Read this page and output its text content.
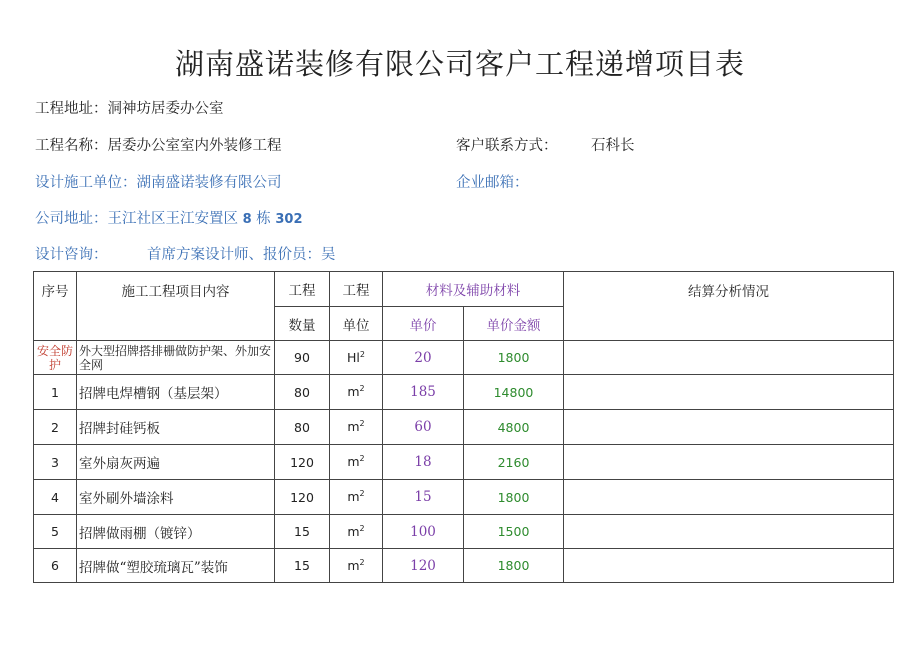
湖南盛诺装修有限公司客户工程递增项目表
工程地址：洞神坊居委办公室
工程名称：居委办公室室内外装修工程	客户联系方式： 石科长
设计施工单位：湖南盛诺装修有限公司	企业邮箱：
公司地址：王江社区王江安置区 8 栋 302
设计咨询：	首席方案设计师、报价员：吴
序号	施工工程项目内容	工程	工程	材料及辅助材料		结算分析情况
		数量	单位	单价	单价金额	
安全防护	外大型招牌搭排栅做防护架、外加安全网	90	Hl$^2$	20	1800	
1	招牌电焊槽钢（基层架）	80	$m^2$	185	14800	
2	招牌封硅钙板	80	$m^2$	60	4800	
3	室外扇灰两遍	120	$m^2$	18	2160	
4	室外刷外墙涂料	120	$m^2$	15	1800	
5	招牌做雨棚（镀锌）	15	$m^2$	100	1500	
6	招牌做“塑胶琉璃瓦”装饰	15	$m^2$	120	1800	
